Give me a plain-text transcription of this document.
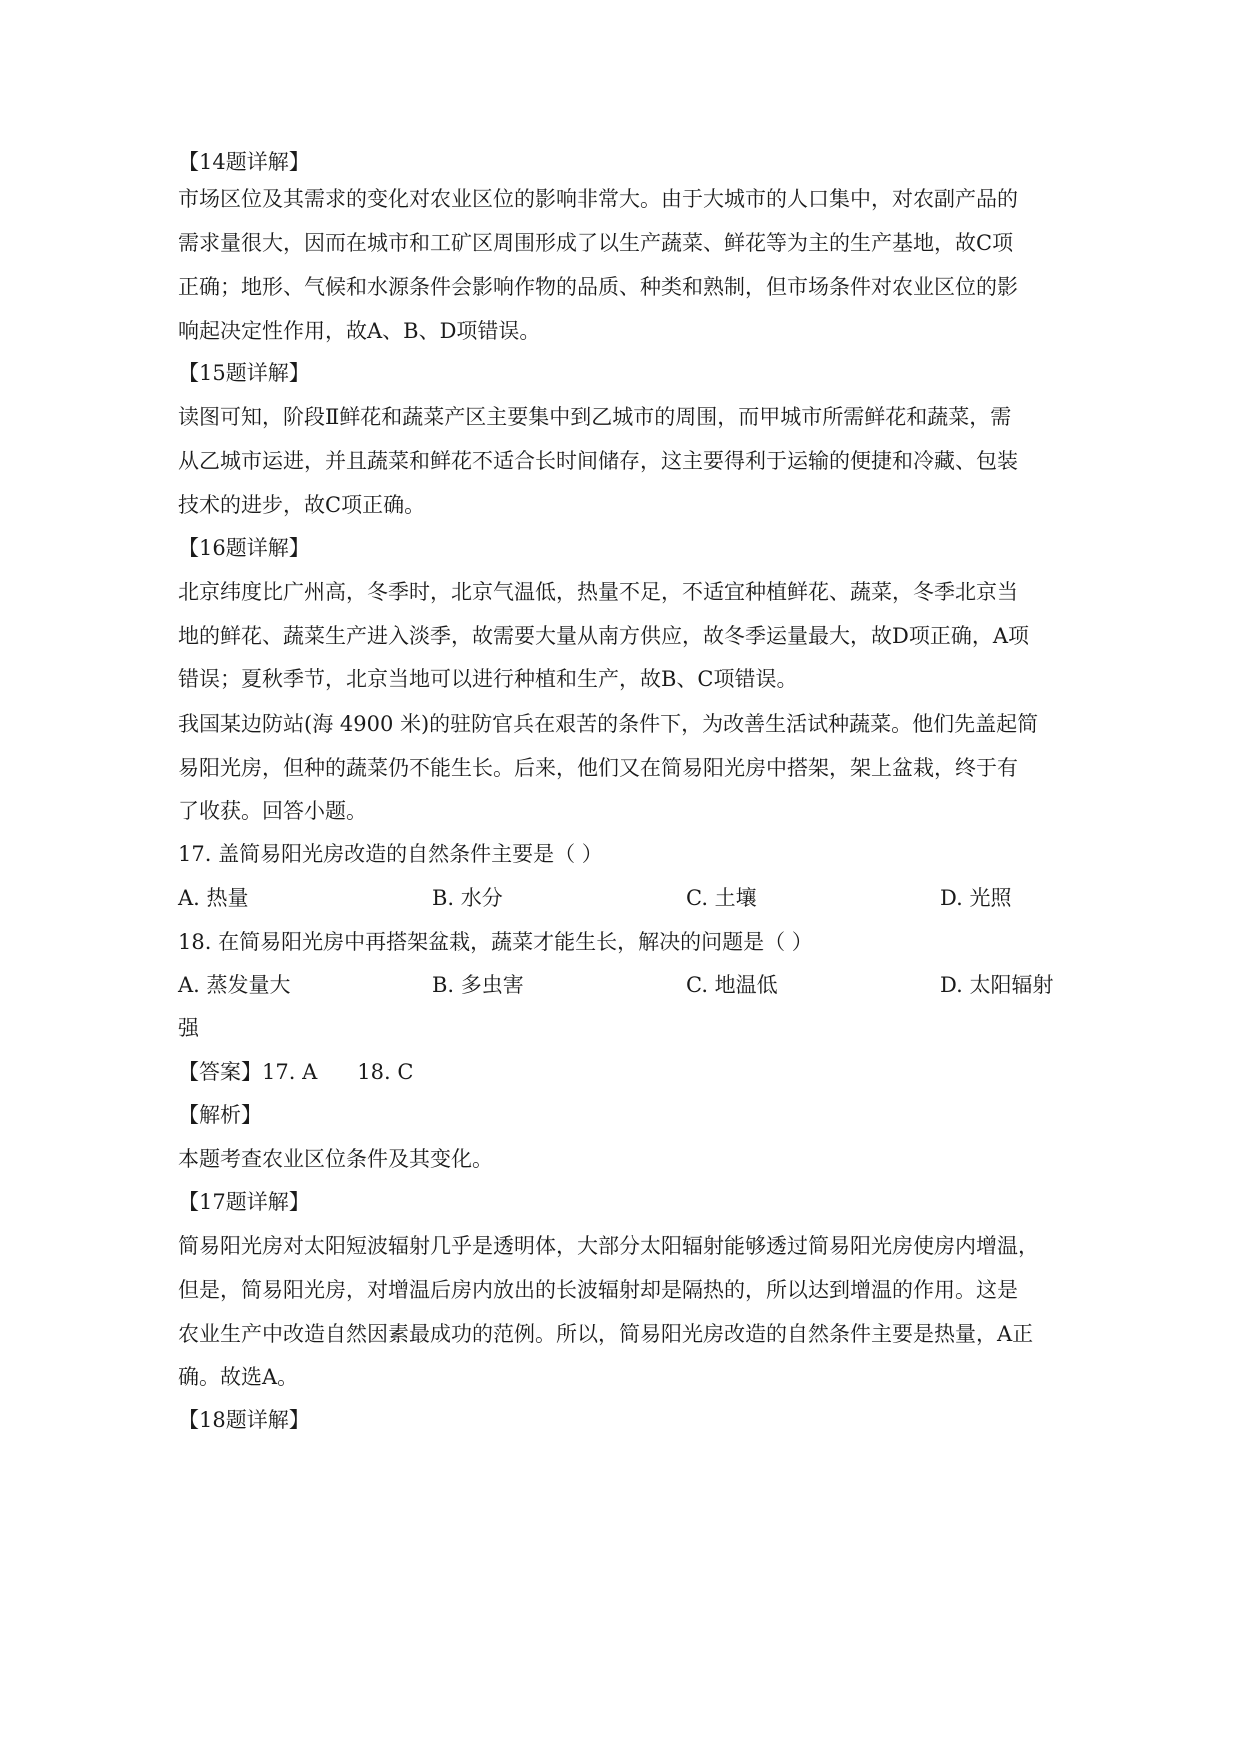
【14题详解】
市场区位及其需求的变化对农业区位的影响非常大。由于大城市的人口集中，对农副产品的
需求量很大，因而在城市和工矿区周围形成了以生产蔬菜、鲜花等为主的生产基地，故C项
正确；地形、气候和水源条件会影响作物的品质、种类和熟制，但市场条件对农业区位的影
响起决定性作用，故A、B、D项错误。
【15题详解】
读图可知，阶段Ⅱ鲜花和蔬菜产区主要集中到乙城市的周围，而甲城市所需鲜花和蔬菜，需
从乙城市运进，并且蔬菜和鲜花不适合长时间储存，这主要得利于运输的便捷和冷藏、包装
技术的进步，故C项正确。
【16题详解】
北京纬度比广州高，冬季时，北京气温低，热量不足，不适宜种植鲜花、蔬菜，冬季北京当
地的鲜花、蔬菜生产进入淡季，故需要大量从南方供应，故冬季运量最大，故D项正确，A项
错误；夏秋季节，北京当地可以进行种植和生产，故B、C项错误。
我国某边防站(海 4900 米)的驻防官兵在艰苦的条件下，为改善生活试种蔬菜。他们先盖起简
易阳光房，但种的蔬菜仍不能生长。后来，他们又在简易阳光房中搭架，架上盆栽，终于有
了收获。回答小题。
17. 盖简易阳光房改造的自然条件主要是（ ）
A. 热量	B. 水分	C. 土壤	D. 光照
18. 在简易阳光房中再搭架盆栽，蔬菜才能生长，解决的问题是（ ）
A. 蒸发量大	B. 多虫害	C. 地温低	D. 太阳辐射
强
【答案】17. A 18. C
【解析】
本题考查农业区位条件及其变化。
【17题详解】
简易阳光房对太阳短波辐射几乎是透明体，大部分太阳辐射能够透过简易阳光房使房内增温，
但是，简易阳光房，对增温后房内放出的长波辐射却是隔热的，所以达到增温的作用。这是
农业生产中改造自然因素最成功的范例。所以，简易阳光房改造的自然条件主要是热量，A正
确。故选A。
【18题详解】
